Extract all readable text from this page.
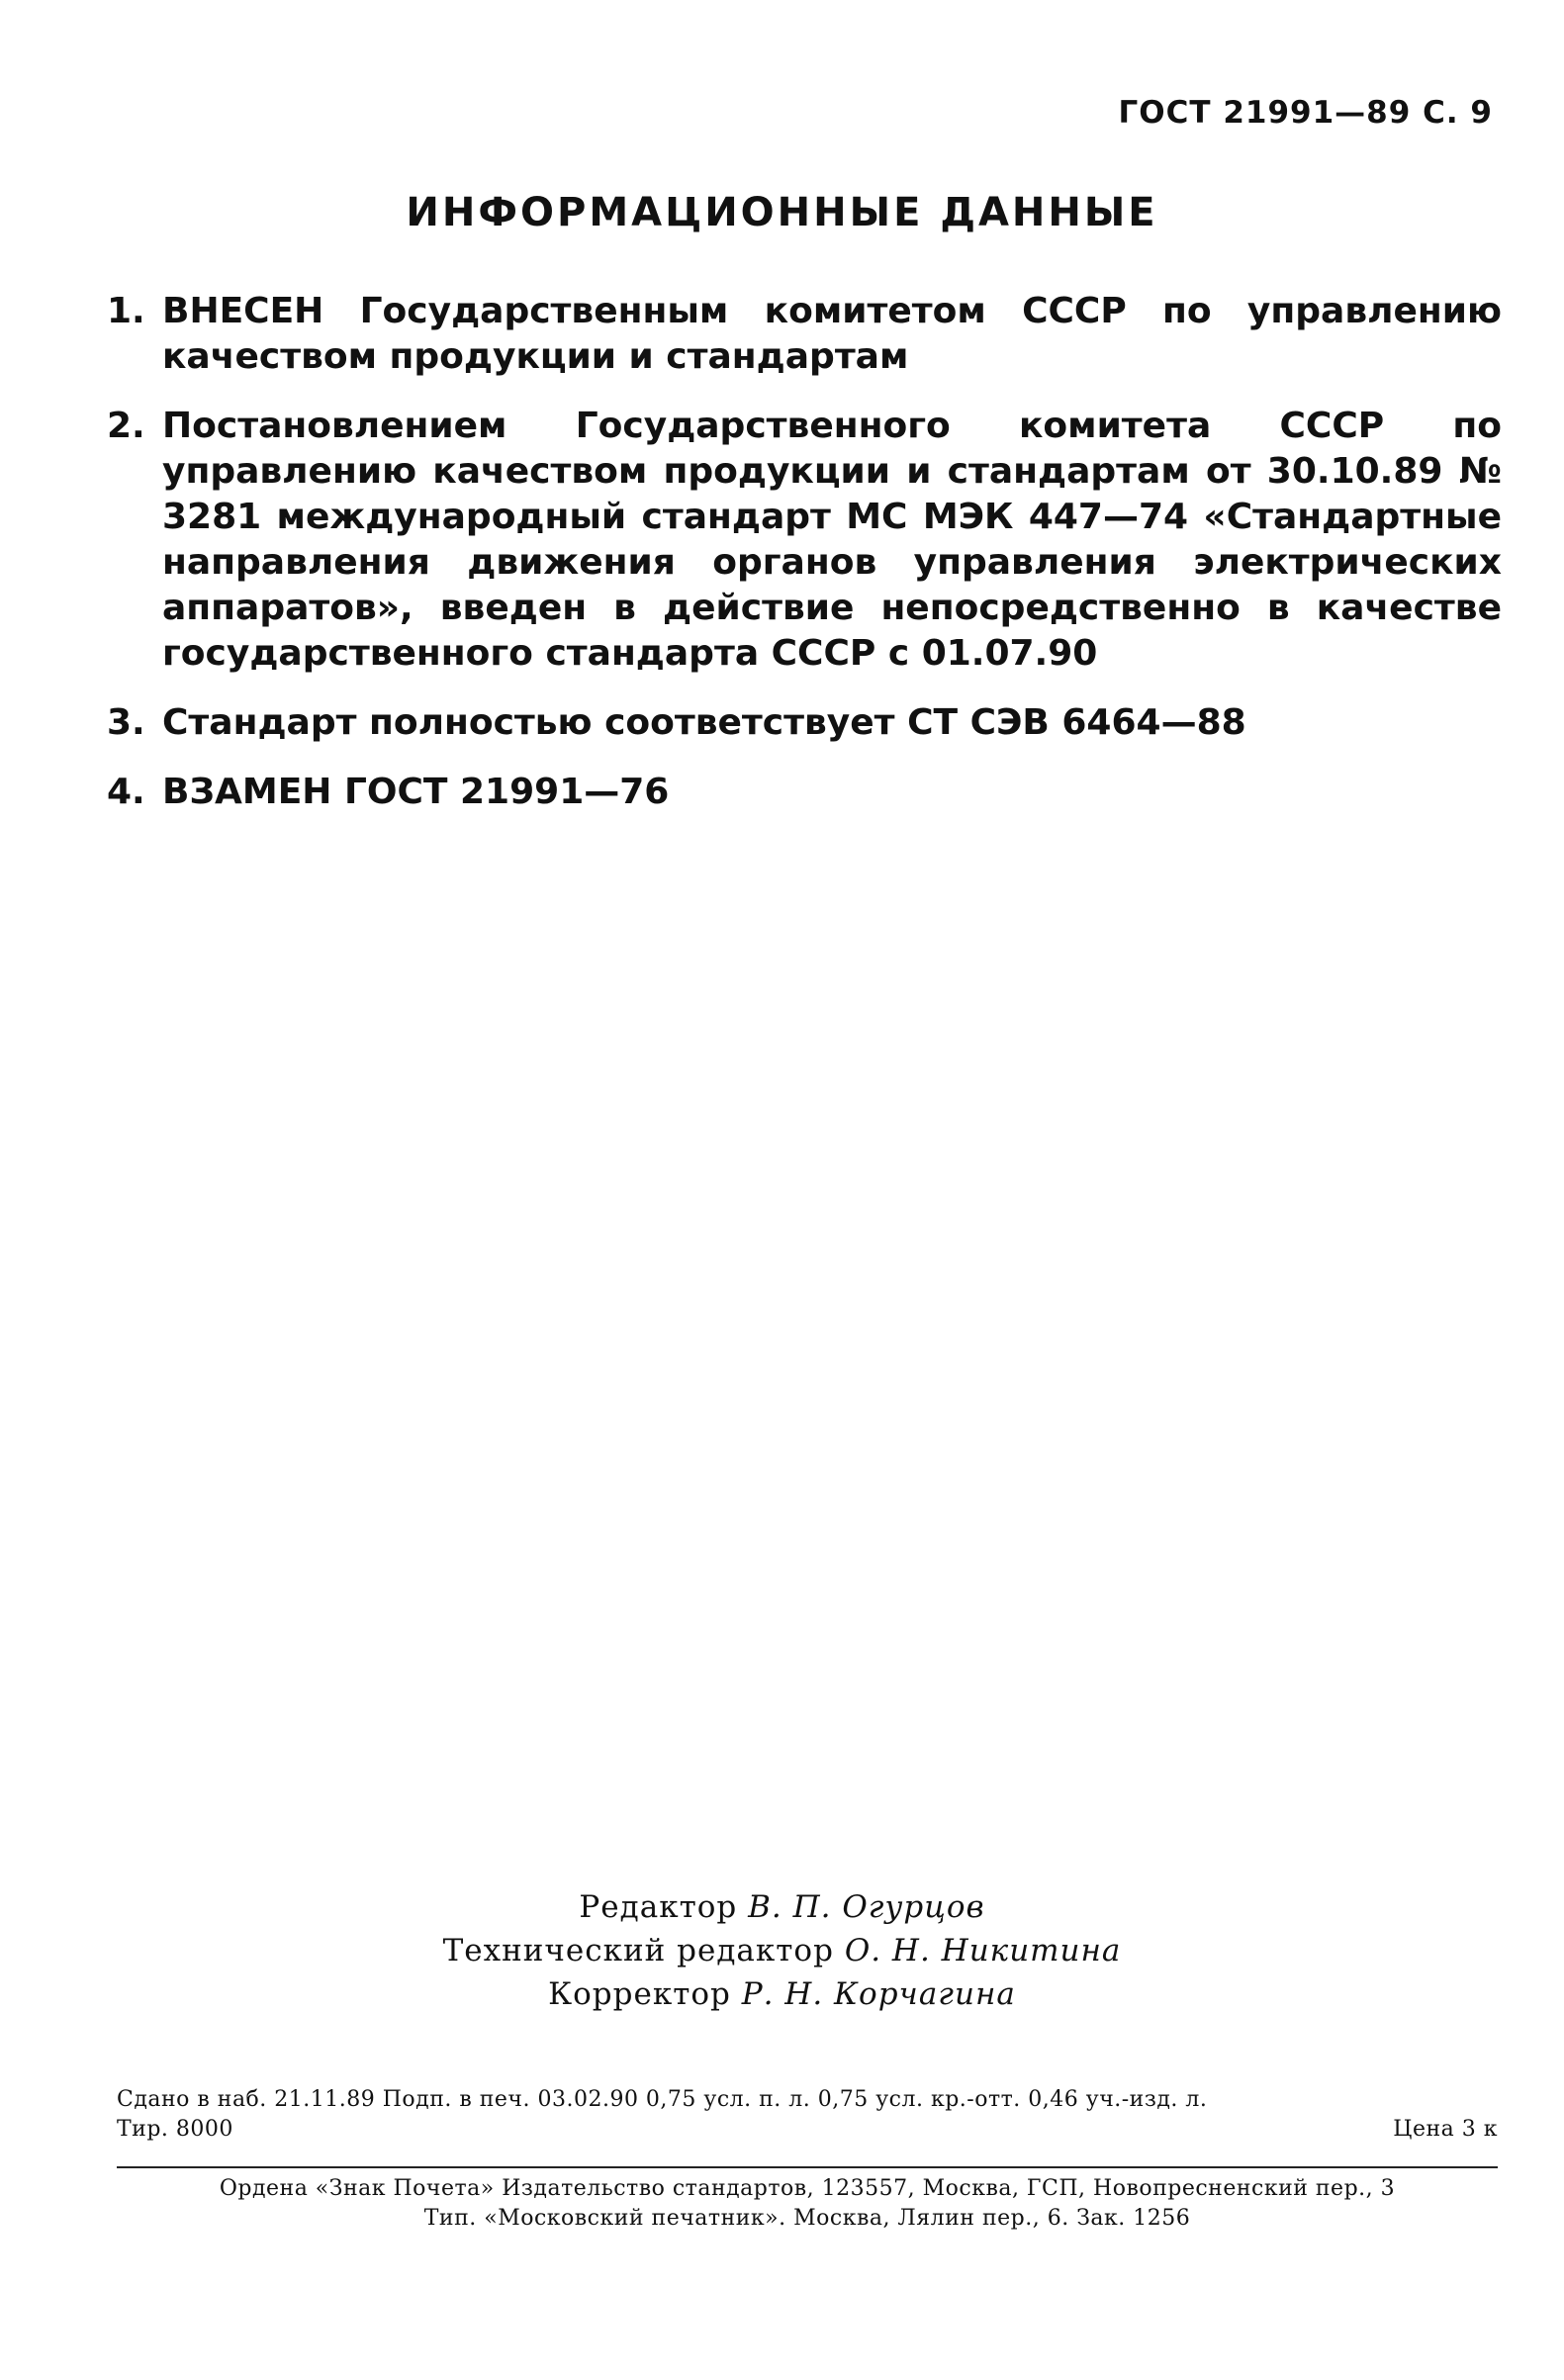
ГОСТ 21991—89 С. 9
ИНФОРМАЦИОННЫЕ ДАННЫЕ
1. ВНЕСЕН Государственным комитетом СССР по управлению качеством продукции и стандартам
2. Постановлением Государственного комитета СССР по управлению качеством продукции и стандартам от 30.10.89 № 3281 международный стандарт МС МЭК 447—74 «Стандартные направления движения органов управления электрических аппаратов», введен в действие непосредственно в качестве государственного стандарта СССР с 01.07.90
3. Стандарт полностью соответствует СТ СЭВ 6464—88
4. ВЗАМЕН ГОСТ 21991—76
Редактор В. П. Огурцов
Технический редактор О. Н. Никитина
Корректор Р. Н. Корчагина
Сдано в наб. 21.11.89 Подп. в печ. 03.02.90 0,75 усл. п. л. 0,75 усл. кр.-отт. 0,46 уч.-изд. л.
Тир. 8000	Цена 3 к
Ордена «Знак Почета» Издательство стандартов, 123557, Москва, ГСП, Новопресненский пер., 3
Тип. «Московский печатник». Москва, Лялин пер., 6. Зак. 1256
